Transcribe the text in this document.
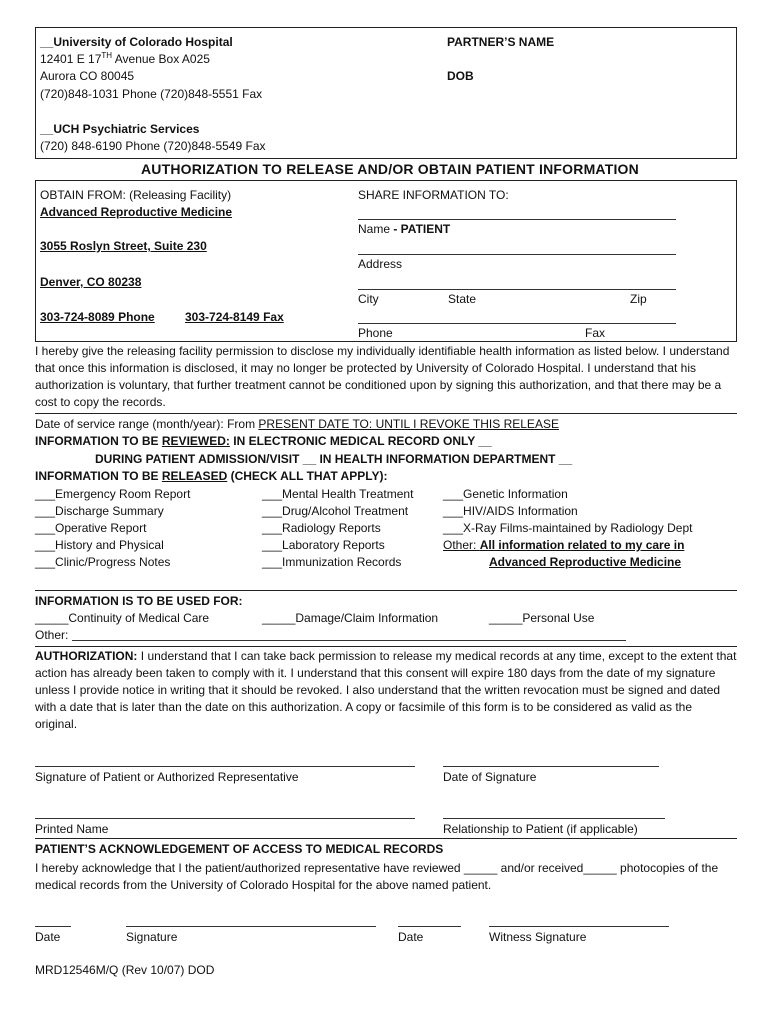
__University of Colorado Hospital
12401 E 17TH Avenue Box A025
Aurora CO 80045
(720)848-1031 Phone (720)848-5551 Fax
__UCH Psychiatric Services
(720) 848-6190 Phone (720)848-5549 Fax
PARTNER’S NAME
DOB
AUTHORIZATION TO RELEASE AND/OR OBTAIN PATIENT INFORMATION
OBTAIN FROM: (Releasing Facility)
Advanced Reproductive Medicine
3055 Roslyn Street, Suite 230
Denver, CO 80238
303-724-8089 Phone	303-724-8149 Fax
SHARE INFORMATION TO:
Name - PATIENT
Address
City	State	Zip
Phone	Fax
I hereby give the releasing facility permission to disclose my individually identifiable health information as listed below. I understand that once this information is disclosed, it may no longer be protected by University of Colorado Hospital. I understand that his authorization is voluntary, that further treatment cannot be conditioned upon by signing this authorization, and that there may be a cost to copy the records.
Date of service range (month/year): From PRESENT DATE TO: UNTIL I REVOKE THIS RELEASE
INFORMATION TO BE REVIEWED: IN ELECTRONIC MEDICAL RECORD ONLY __
DURING PATIENT ADMISSION/VISIT __ IN HEALTH INFORMATION DEPARTMENT __
INFORMATION TO BE RELEASED (CHECK ALL THAT APPLY):
___Emergency Room Report
___Discharge Summary
___Operative Report
___History and Physical
___Clinic/Progress Notes
___Mental Health Treatment
___Drug/Alcohol Treatment
___Radiology Reports
___Laboratory Reports
___Immunization Records
___Genetic Information
___HIV/AIDS Information
___X-Ray Films-maintained by Radiology Dept
Other: All information related to my care in
Advanced Reproductive Medicine
INFORMATION IS TO BE USED FOR:
_____Continuity of Medical Care	_____Damage/Claim Information	_____Personal Use
Other:
AUTHORIZATION: I understand that I can take back permission to release my medical records at any time, except to the extent that action has already been taken to comply with it. I understand that this consent will expire 180 days from the date of my signature unless I provide notice in writing that it should be revoked. I also understand that the written revocation must be signed and dated with a date that is later than the date on this authorization. A copy or facsimile of this form is to be considered as valid as the original.
Signature of Patient or Authorized Representative	Date of Signature
Printed Name	Relationship to Patient (if applicable)
PATIENT’S ACKNOWLEDGEMENT OF ACCESS TO MEDICAL RECORDS
I hereby acknowledge that I the patient/authorized representative have reviewed _____ and/or received_____ photocopies of the medical records from the University of Colorado Hospital for the above named patient.
Date	Signature	Date	Witness Signature
MRD12546M/Q (Rev 10/07) DOD
